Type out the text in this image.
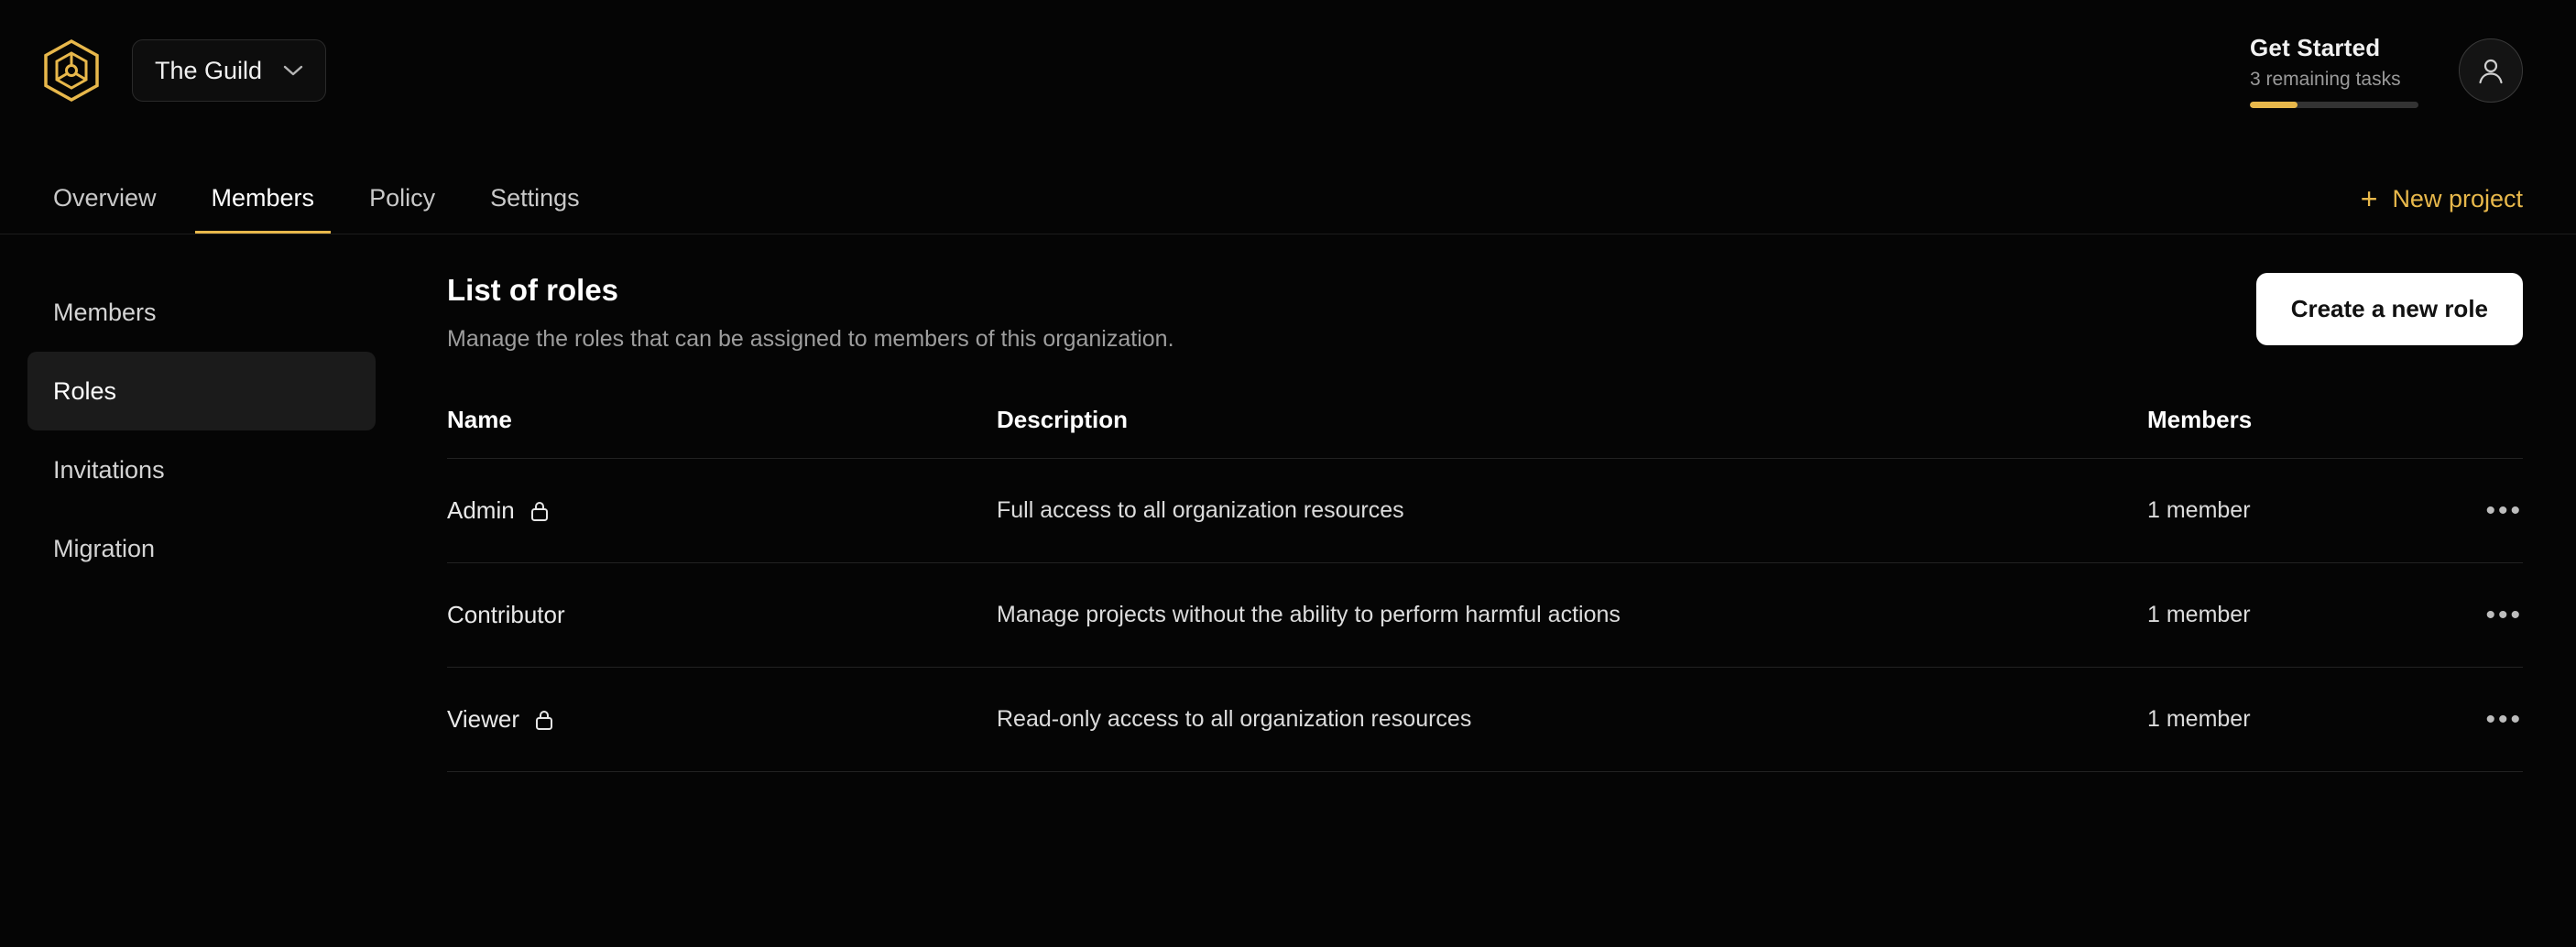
The Guild
Get Started
3 remaining tasks
Overview	Members	Policy	Settings	+ New project
Members
Roles
Invitations
Migration
List of roles
Manage the roles that can be assigned to members of this organization.
Create a new role
Name	Description	Members
Admin	Full access to all organization resources	1 member	•••
Contributor	Manage projects without the ability to perform harmful actions	1 member	•••
Viewer	Read-only access to all organization resources	1 member	•••
